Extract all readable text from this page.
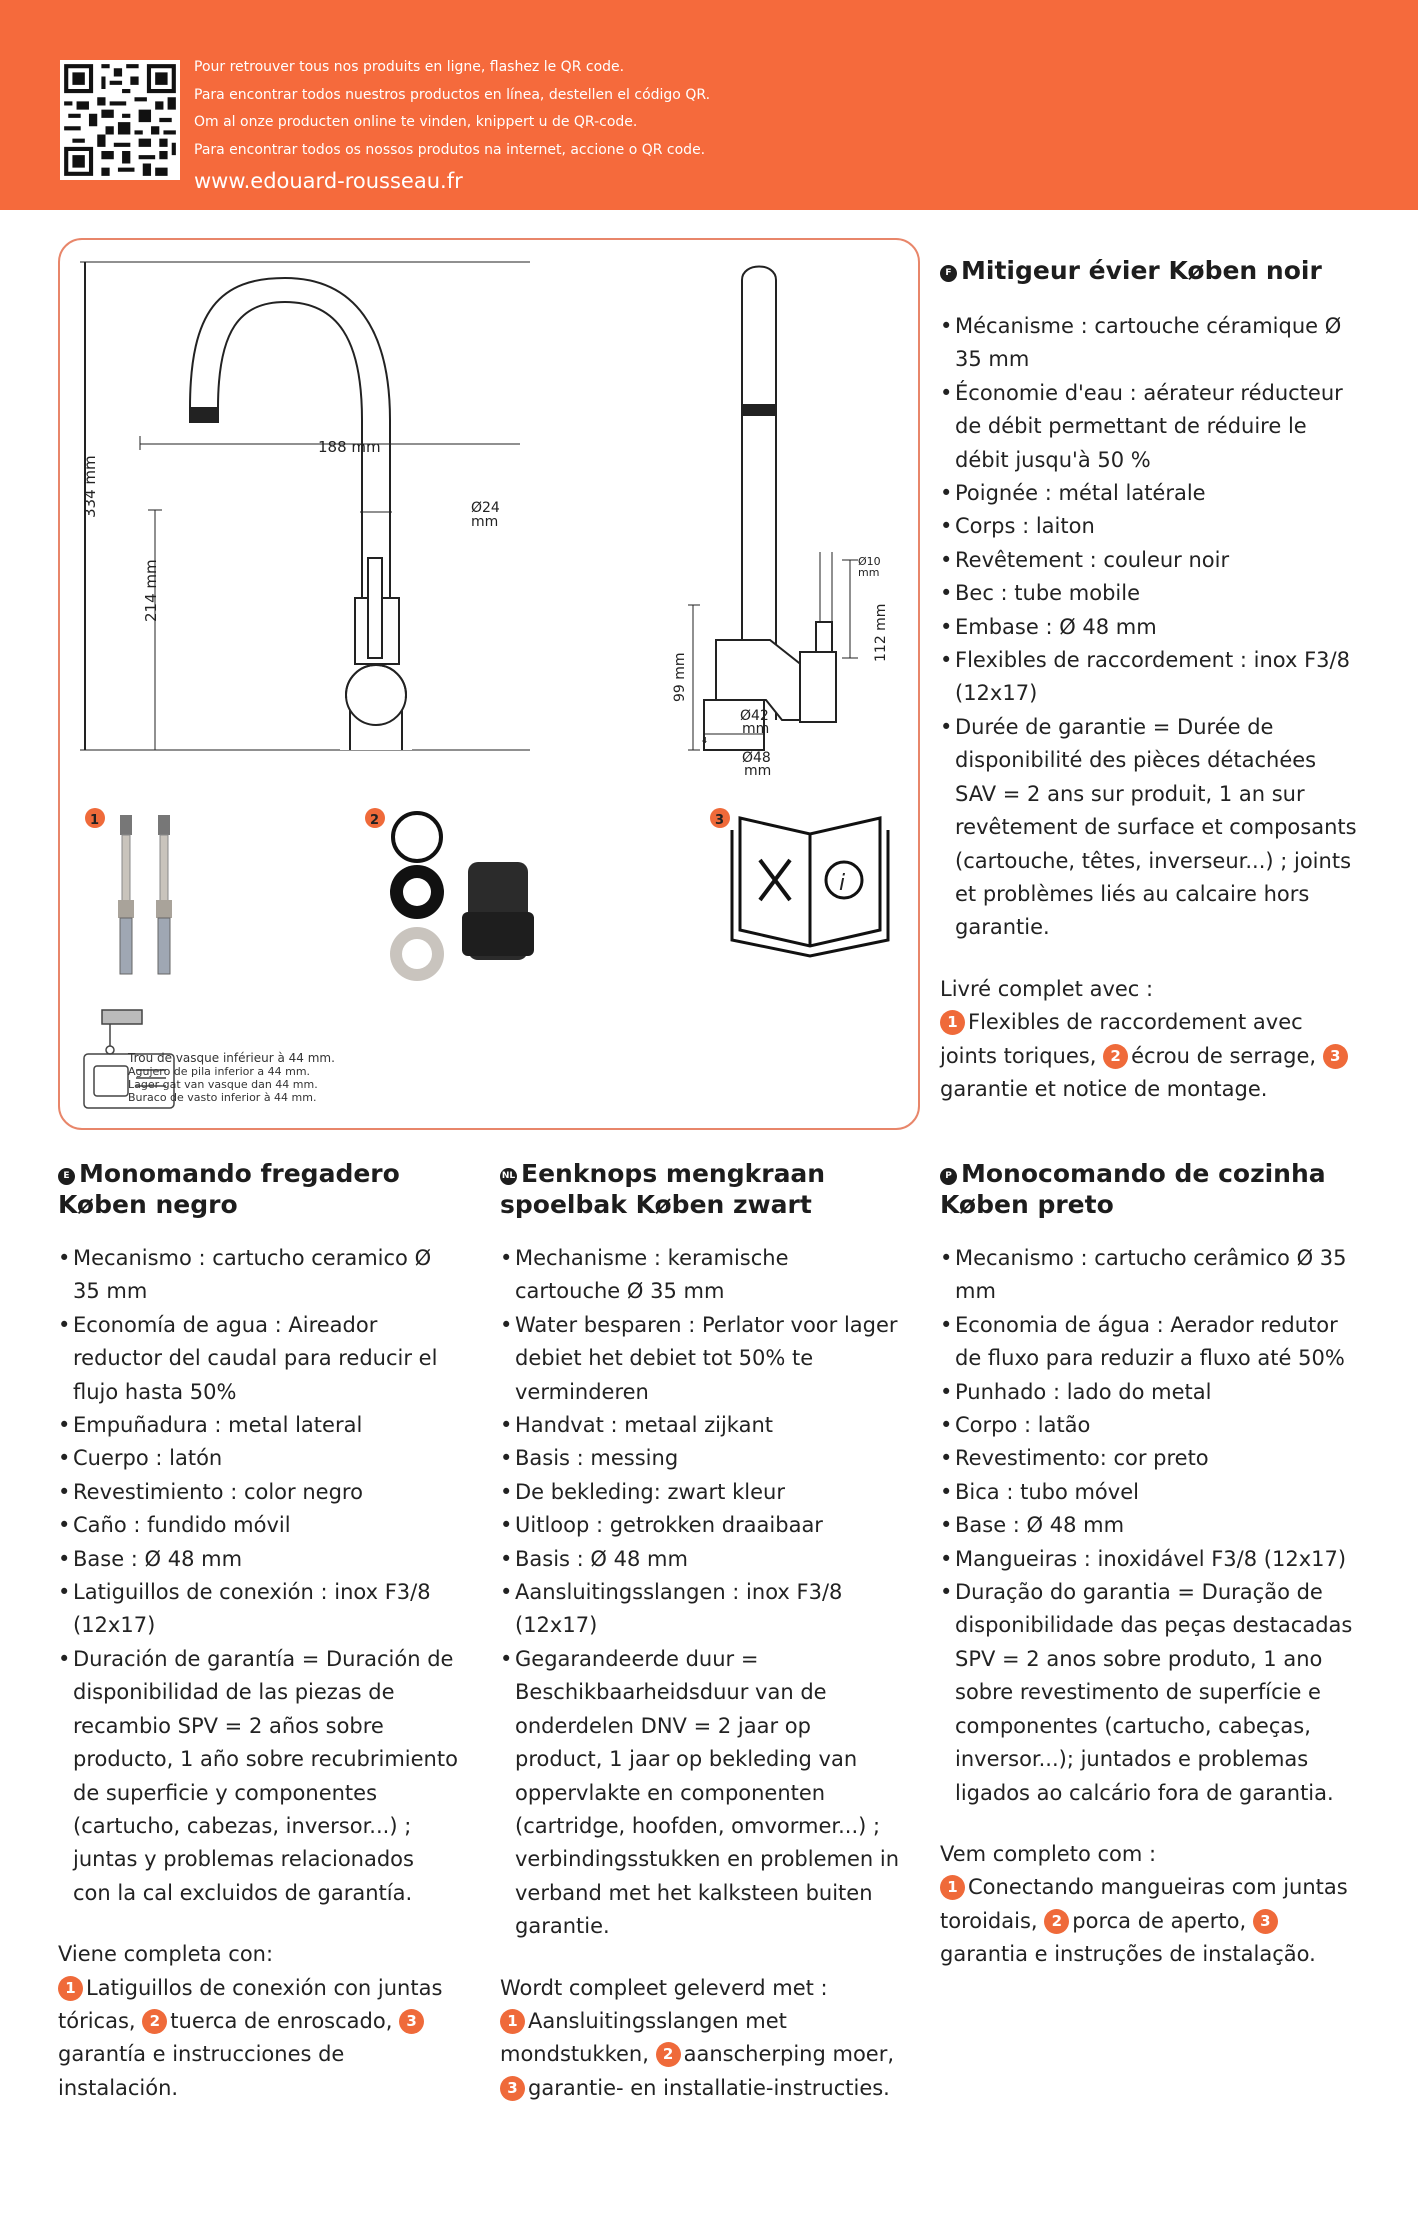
Pour retrouver tous nos produits en ligne, flashez le QR code.
Para encontrar todos nuestros productos en línea, destellen el código QR.
Om al onze producten online te vinden, knippert u de QR-code.
Para encontrar todos os nossos produtos na internet, accione o QR code.
www.edouard-rousseau.fr
334 mm
188 mm
214 mm
Ø24
mm
Ø10
mm
112 mm
99 mm
Ø42
mm
Ø48
mm
4
1	2	3
i
Trou de vasque inférieur à 44 mm.
Agujero de pila inferior a 44 mm.
Lager gat van vasque dan 44 mm.
Buraco de vasto inferior à 44 mm.
F Mitigeur évier Køben noir
• Mécanisme : cartouche céramique Ø 35 mm
• Économie d'eau : aérateur réducteur de débit permettant de réduire le débit jusqu'à 50 %
• Poignée : métal latérale
• Corps : laiton
• Revêtement : couleur noir
• Bec : tube mobile
• Embase : Ø 48 mm
• Flexibles de raccordement : inox F3/8 (12x17)
• Durée de garantie = Durée de disponibilité des pièces détachées SAV = 2 ans sur produit, 1 an sur revêtement de surface et composants (cartouche, têtes, inverseur...) ; joints et problèmes liés au calcaire hors garantie.

Livré complet avec :

1 Flexibles de raccordement avec joints toriques, 2 écrou de serrage, 3garantie et notice de montage.

E Monomando fregadero Køben negro
• Mecanismo : cartucho ceramico Ø 35 mm
• Economía de agua : Aireador reductor del caudal para reducir el flujo hasta 50%
• Empuñadura : metal lateral
• Cuerpo : latón
• Revestimiento : color negro
• Caño : fundido móvil
• Base : Ø 48 mm
• Latiguillos de conexión : inox F3/8 (12x17)
• Duración de garantía = Duración de disponibilidad de las piezas de recambio SPV = 2 años sobre producto, 1 año sobre recubrimiento de superficie y componentes (cartucho, cabezas, inversor...) ; juntas y problemas relacionados con la cal excluidos de garantía.

Viene completa con:

1 Latiguillos de conexión con juntas tóricas, 2 tuerca de enroscado, 3garantía e instrucciones de instalación.

NL Eenknops mengkraan spoelbak Køben zwart
• Mechanisme : keramische cartouche Ø 35 mm
• Water besparen : Perlator voor lager debiet het debiet tot 50% te verminderen
• Handvat : metaal zijkant
• Basis : messing
• De bekleding: zwart kleur
• Uitloop : getrokken draaibaar
• Basis : Ø 48 mm
• Aansluitingsslangen : inox F3/8 (12x17)
• Gegarandeerde duur = Beschikbaarheidsduur van de onderdelen DNV = 2 jaar op product, 1 jaar op bekleding van oppervlakte en componenten (cartridge, hoofden, omvormer...) ; verbindingsstukken en problemen in verband met het kalksteen buiten garantie.

Wordt compleet geleverd met :

1 Aansluitingsslangen met mondstukken, 2 aanscherping moer, 3 garantie- en installatie-instructies.

P Monocomando de cozinha Køben preto
• Mecanismo : cartucho cerâmico Ø 35 mm
• Economia de água : Aerador redutor de fluxo para reduzir a fluxo até 50%
• Punhado : lado do metal
• Corpo : latão
• Revestimento: cor preto
• Bica : tubo móvel
• Base : Ø 48 mm
• Mangueiras : inoxidável F3/8 (12x17)
• Duração do garantia = Duração de disponibilidade das peças destacadas SPV = 2 anos sobre produto, 1 ano sobre revestimento de superfície e componentes (cartucho, cabeças, inversor...); juntados e problemas ligados ao calcário fora de garantia.

Vem completo com :

1 Conectando mangueiras com juntas toroidais, 2 porca de aperto, 3garantia e instruções de instalação.
